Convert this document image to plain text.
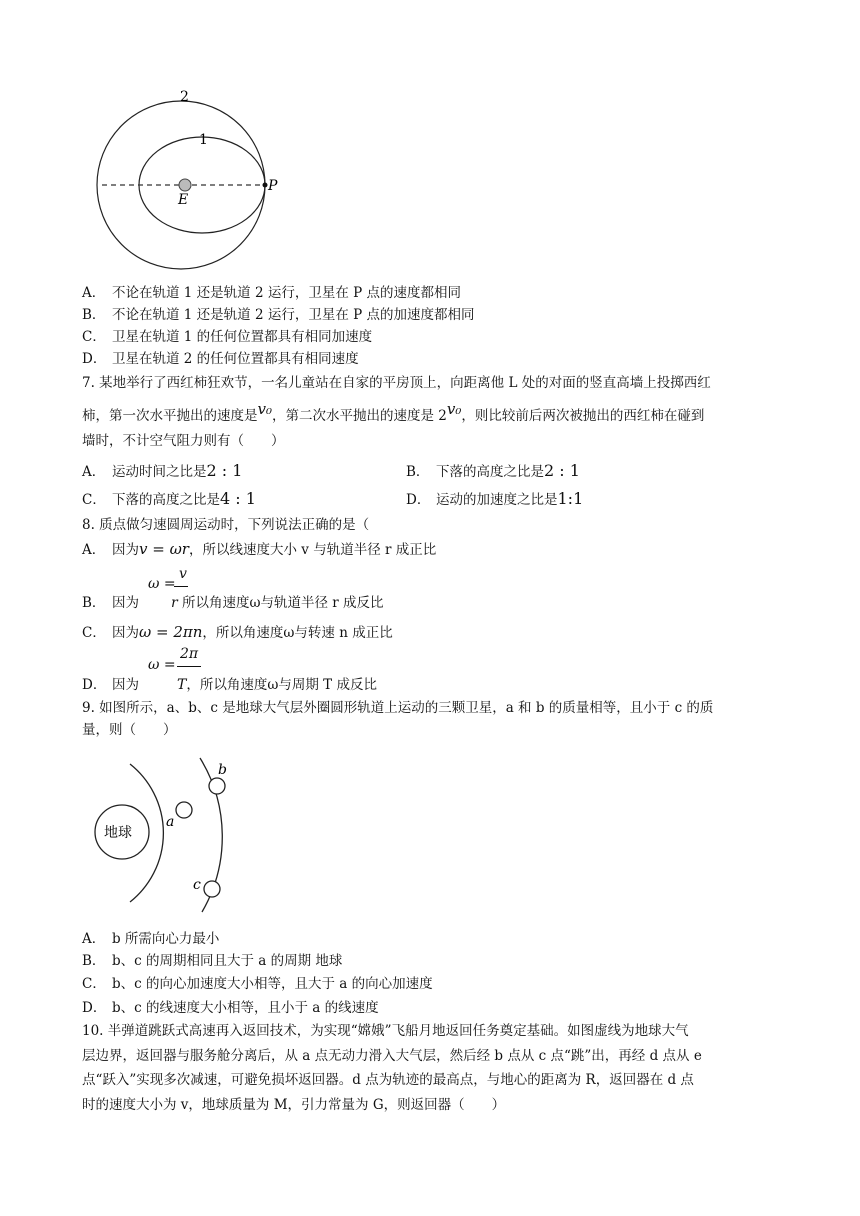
2
1
E
P
A． 不论在轨道 1 还是轨道 2 运行，卫星在 P 点的速度都相同
B． 不论在轨道 1 还是轨道 2 运行，卫星在 P 点的加速度都相同
C． 卫星在轨道 1 的任何位置都具有相同加速度
D． 卫星在轨道 2 的任何位置都具有相同速度
7. 某地举行了西红柿狂欢节，一名儿童站在自家的平房顶上，向距离他 L 处的对面的竖直高墙上投掷西红
柿，第一次水平抛出的速度是v₀，第二次水平抛出的速度是 2v₀，则比较前后两次被抛出的西红柿在碰到
墙时，不计空气阻力则有（　　）
A． 运动时间之比是2 : 1	B． 下落的高度之比是2 : 1
C． 下落的高度之比是4 : 1	D． 运动的加速度之比是1:1
8. 质点做匀速圆周运动时，下列说法正确的是（
A． 因为v = ωr，所以线速度大小 v 与轨道半径 r 成正比
ω =
v
B． 因为 r 所以角速度ω与轨道半径 r 成反比
C． 因为ω = 2πn，所以角速度ω与转速 n 成正比
ω =
2π
D． 因为	T，所以角速度ω与周期 T 成反比
9. 如图所示，a、b、c 是地球大气层外圈圆形轨道上运动的三颗卫星，a 和 b 的质量相等，且小于 c 的质
量，则（　　）
地球
a
b
c
A． b 所需向心力最小
B． b、c 的周期相同且大于 a 的周期 地球
C． b、c 的向心加速度大小相等，且大于 a 的向心加速度
D． b、c 的线速度大小相等，且小于 a 的线速度
10. 半弹道跳跃式高速再入返回技术，为实现“嫦娥”飞船月地返回任务奠定基础。如图虚线为地球大气
层边界，返回器与服务舱分离后，从 a 点无动力滑入大气层，然后经 b 点从 c 点“跳”出，再经 d 点从 e
点“跃入”实现多次减速，可避免损坏返回器。d 点为轨迹的最高点，与地心的距离为 R，返回器在 d 点
时的速度大小为 v，地球质量为 M，引力常量为 G，则返回器（　　）
